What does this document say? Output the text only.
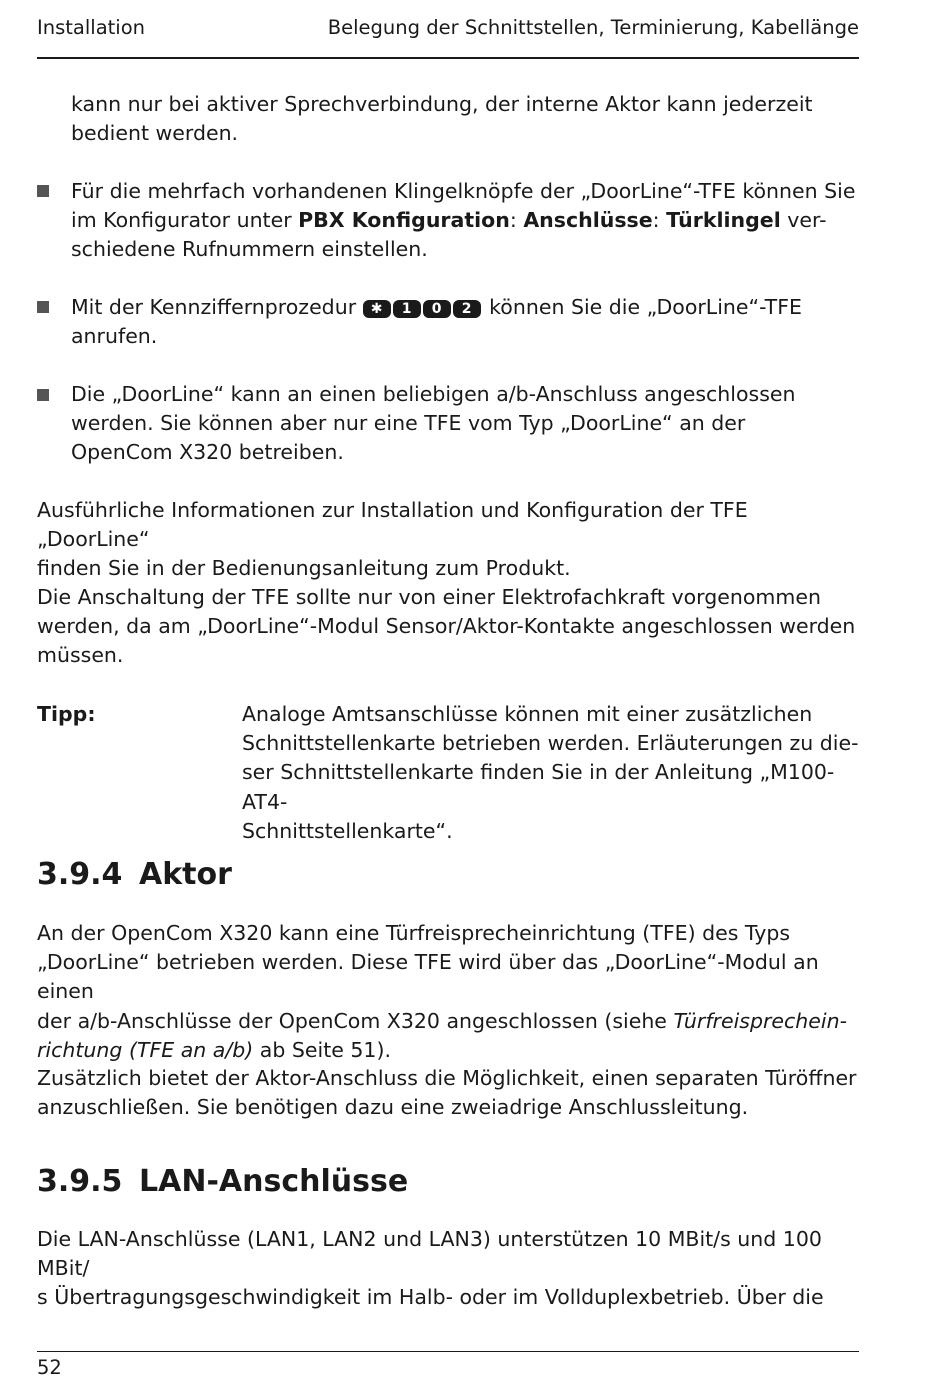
Installation	Belegung der Schnittstellen, Terminierung, Kabellänge
kann nur bei aktiver Sprechverbindung, der interne Aktor kann jederzeit
bedient werden.
Für die mehrfach vorhandenen Klingelknöpfe der „DoorLine“-TFE können Sie
im Konfigurator unter PBX Konfiguration: Anschlüsse: Türklingel ver-
schiedene Rufnummern einstellen.
Mit der Kennziffernprozedur ✱ 1 0 2 können Sie die „DoorLine“-TFE
anrufen.
Die „DoorLine“ kann an einen beliebigen a/b-Anschluss angeschlossen
werden. Sie können aber nur eine TFE vom Typ „DoorLine“ an der
OpenCom X320 betreiben.
Ausführliche Informationen zur Installation und Konfiguration der TFE „DoorLine“
finden Sie in der Bedienungsanleitung zum Produkt.
Die Anschaltung der TFE sollte nur von einer Elektrofachkraft vorgenommen
werden, da am „DoorLine“-Modul Sensor/Aktor-Kontakte angeschlossen werden
müssen.
Tipp:	Analoge Amtsanschlüsse können mit einer zusätzlichen
Schnittstellenkarte betrieben werden. Erläuterungen zu die-
ser Schnittstellenkarte finden Sie in der Anleitung „M100-AT4-
Schnittstellenkarte“.
3.9.4 Aktor
An der OpenCom X320 kann eine Türfreisprecheinrichtung (TFE) des Typs
„DoorLine“ betrieben werden. Diese TFE wird über das „DoorLine“-Modul an einen
der a/b-Anschlüsse der OpenCom X320 angeschlossen (siehe Türfreisprechein-
richtung (TFE an a/b) ab Seite 51).
Zusätzlich bietet der Aktor-Anschluss die Möglichkeit, einen separaten Türöffner
anzuschließen. Sie benötigen dazu eine zweiadrige Anschlussleitung.
3.9.5 LAN-Anschlüsse
Die LAN-Anschlüsse (LAN1, LAN2 und LAN3) unterstützen 10 MBit/s und 100 MBit/
s Übertragungsgeschwindigkeit im Halb- oder im Vollduplexbetrieb. Über die
52
